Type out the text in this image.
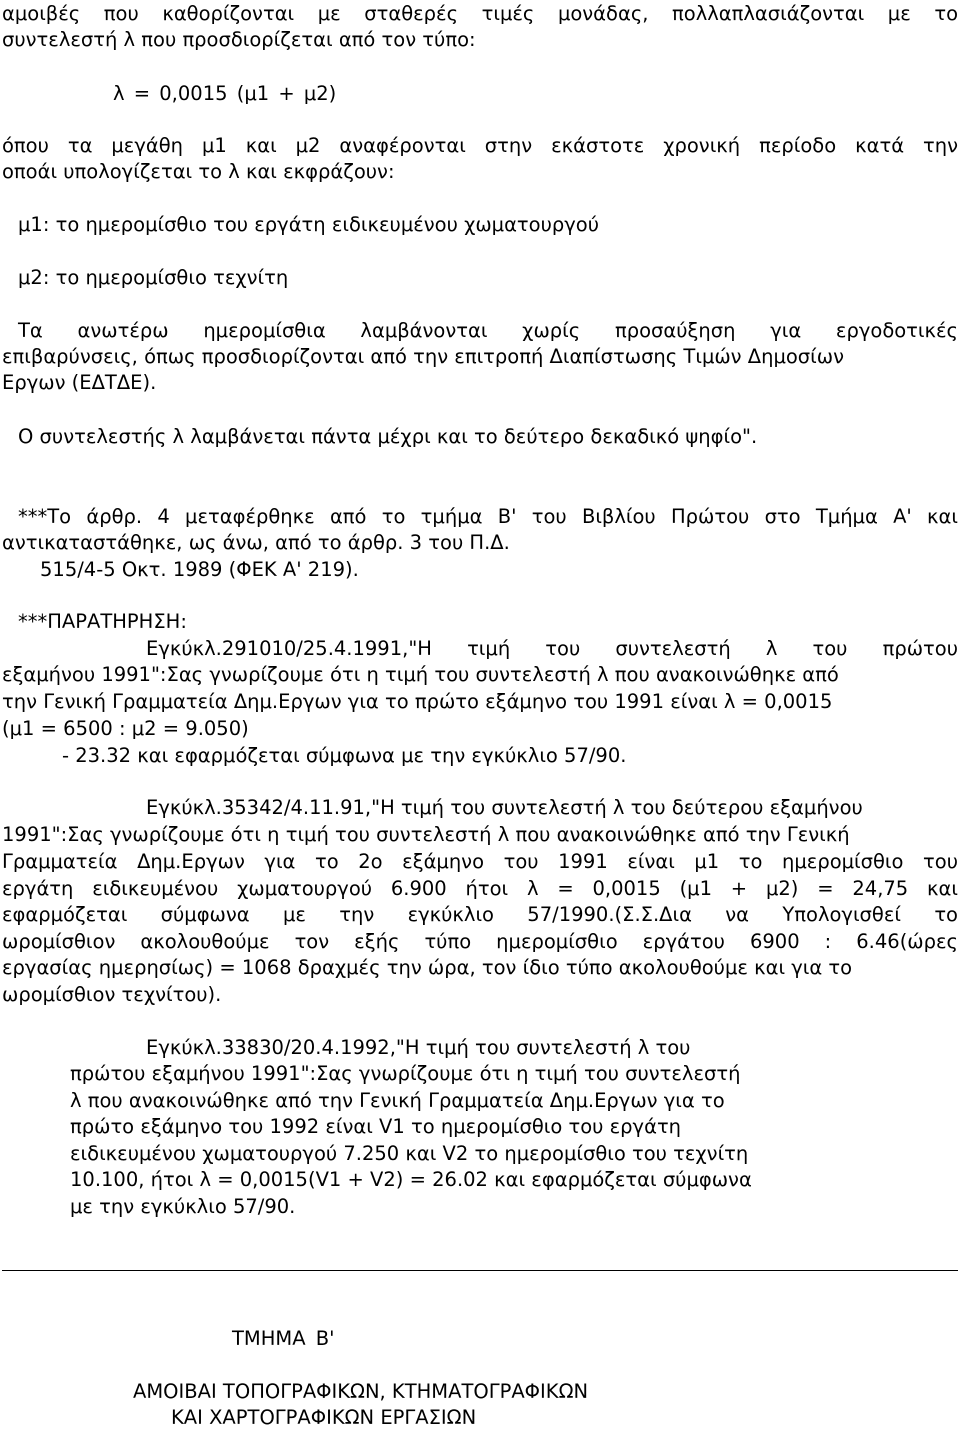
αμοιβές που καθορίζονται με σταθερές τιμές μονάδας, πολλαπλασιάζονται με το
συντελεστή λ που προσδιορίζεται από τον τύπο:
λ = 0,0015 (μ1 + μ2)
όπου τα μεγάθη μ1 και μ2 αναφέρονται στην εκάστοτε χρονική περίοδο κατά την
οποάι υπολογίζεται το λ και εκφράζουν:
μ1: το ημερομίσθιο του εργάτη ειδικευμένου χωματουργού
μ2: το ημερομίσθιο τεχνίτη
Τα ανωτέρω ημερομίσθια λαμβάνονται χωρίς προσαύξηση για εργοδοτικές
επιβαρύνσεις, όπως προσδιορίζονται από την επιτροπή Διαπίστωσης Τιμών Δημοσίων
Εργων (ΕΔΤΔΕ).
Ο συντελεστής λ λαμβάνεται πάντα μέχρι και το δεύτερο δεκαδικό ψηφίο".
***Το άρθρ. 4 μεταφέρθηκε από το τμήμα Β' του Βιβλίου Πρώτου στο Τμήμα Α' και
αντικαταστάθηκε, ως άνω, από το άρθρ. 3 του Π.Δ.
515/4-5 Οκτ. 1989 (ΦΕΚ Α' 219).
***ΠΑΡΑΤΗΡΗΣΗ:
Εγκύκλ.291010/25.4.1991,"Η τιμή του συντελεστή λ του πρώτου
εξαμήνου 1991":Σας γνωρίζουμε ότι η τιμή του συντελεστή λ που ανακοινώθηκε από
την Γενική Γραμματεία Δημ.Εργων για το πρώτο εξάμηνο του 1991 είναι λ = 0,0015
(μ1 = 6500 : μ2 = 9.050)
- 23.32 και εφαρμόζεται σύμφωνα με την εγκύκλιο 57/90.
Εγκύκλ.35342/4.11.91,"Η τιμή του συντελεστή λ του δεύτερου εξαμήνου
1991":Σας γνωρίζουμε ότι η τιμή του συντελεστή λ που ανακοινώθηκε από την Γενική
Γραμματεία Δημ.Εργων για το 2ο εξάμηνο του 1991 είναι μ1 το ημερομίσθιο του
εργάτη ειδικευμένου χωματουργού 6.900 ήτοι λ = 0,0015 (μ1 + μ2) = 24,75 και
εφαρμόζεται σύμφωνα με την εγκύκλιο 57/1990.(Σ.Σ.Δια να Υπολογισθεί το
ωρομίσθιον ακολουθούμε τον εξής τύπο ημερομίσθιο εργάτου 6900 : 6.46(ώρες
εργασίας ημερησίως) = 1068 δραχμές την ώρα, τον ίδιο τύπο ακολουθούμε και για το
ωρομίσθιον τεχνίτου).
Εγκύκλ.33830/20.4.1992,"Η τιμή του συντελεστή λ του
πρώτου εξαμήνου 1991":Σας γνωρίζουμε ότι η τιμή του συντελεστή
λ που ανακοινώθηκε από την Γενική Γραμματεία Δημ.Εργων για το
πρώτο εξάμηνο του 1992 είναι V1 το ημερομίσθιο του εργάτη
ειδικευμένου χωματουργού 7.250 και V2 το ημερομίσθιο του τεχνίτη
10.100, ήτοι λ = 0,0015(V1 + V2) = 26.02 και εφαρμόζεται σύμφωνα
με την εγκύκλιο 57/90.
ΤΜΗΜΑ Β'
ΑΜΟΙΒΑΙ ΤΟΠΟΓΡΑΦΙΚΩΝ, ΚΤΗΜΑΤΟΓΡΑΦΙΚΩΝ
ΚΑΙ ΧΑΡΤΟΓΡΑΦΙΚΩΝ ΕΡΓΑΣΙΩΝ
